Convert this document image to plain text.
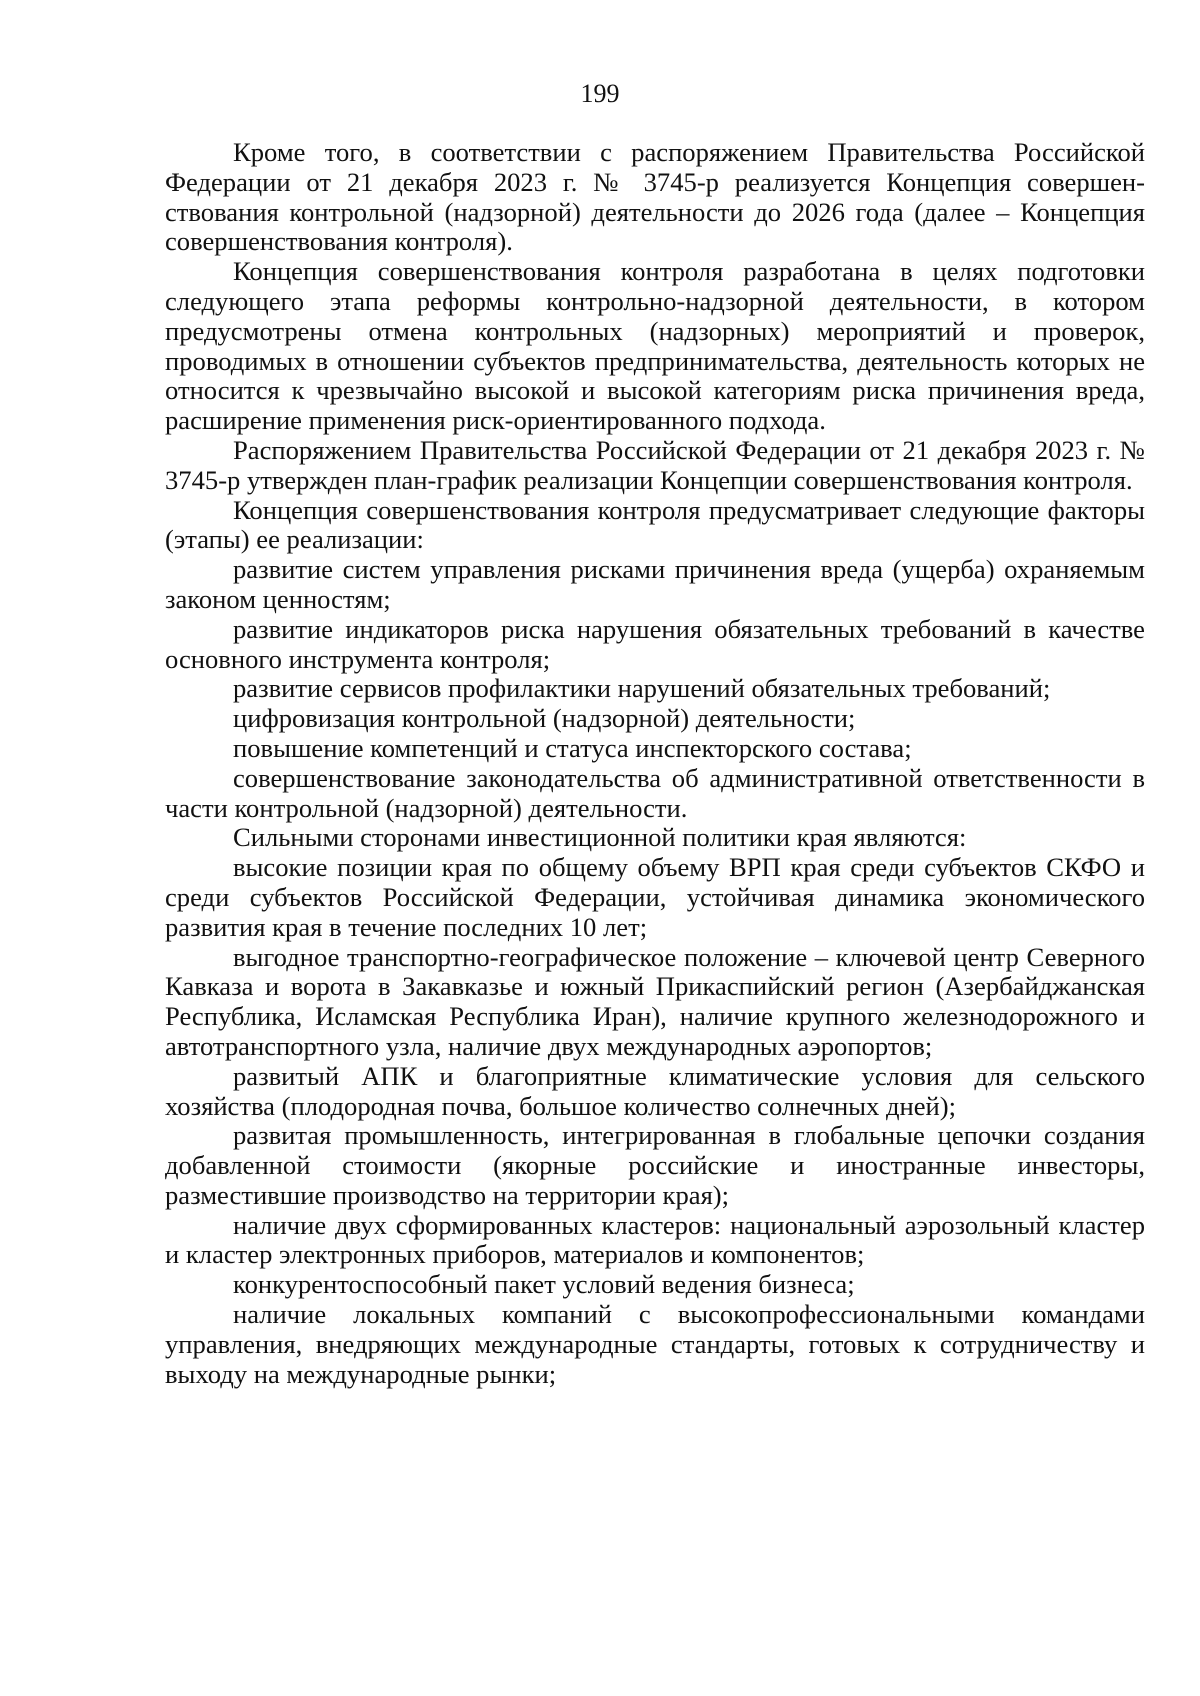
199

Кроме того, в соответствии с распоряжением Правительства Российской Федерации от 21 декабря 2023 г. № 3745-р реализуется Концепция совершенствования контрольной (надзорной) деятельности до 2026 года (далее – Концепция совершенствования контроля).

Концепция совершенствования контроля разработана в целях подготовки следующего этапа реформы контрольно-надзорной деятельности, в котором предусмотрены отмена контрольных (надзорных) мероприятий и проверок, проводимых в отношении субъектов предпринимательства, деятельность которых не относится к чрезвычайно высокой и высокой категориям риска причинения вреда, расширение применения риск-ориентированного подхода.

Распоряжением Правительства Российской Федерации от 21 декабря 2023 г. № 3745-р утвержден план-график реализации Концепции совершенствования контроля.

Концепция совершенствования контроля предусматривает следующие факторы (этапы) ее реализации:

развитие систем управления рисками причинения вреда (ущерба) охраняемым законом ценностям;

развитие индикаторов риска нарушения обязательных требований в качестве основного инструмента контроля;

развитие сервисов профилактики нарушений обязательных требований;

цифровизация контрольной (надзорной) деятельности;

повышение компетенций и статуса инспекторского состава;

совершенствование законодательства об административной ответственности в части контрольной (надзорной) деятельности.

Сильными сторонами инвестиционной политики края являются:

высокие позиции края по общему объему ВРП края среди субъектов СКФО и среди субъектов Российской Федерации, устойчивая динамика экономического развития края в течение последних 10 лет;

выгодное транспортно-географическое положение – ключевой центр Северного Кавказа и ворота в Закавказье и южный Прикаспийский регион (Азербайджанская Республика, Исламская Республика Иран), наличие крупного железнодорожного и автотранспортного узла, наличие двух международных аэропортов;

развитый АПК и благоприятные климатические условия для сельского хозяйства (плодородная почва, большое количество солнечных дней);

развитая промышленность, интегрированная в глобальные цепочки создания добавленной стоимости (якорные российские и иностранные инвесторы, разместившие производство на территории края);

наличие двух сформированных кластеров: национальный аэрозольный кластер и кластер электронных приборов, материалов и компонентов;

конкурентоспособный пакет условий ведения бизнеса;

наличие локальных компаний с высокопрофессиональными командами управления, внедряющих международные стандарты, готовых к сотрудничеству и выходу на международные рынки;
